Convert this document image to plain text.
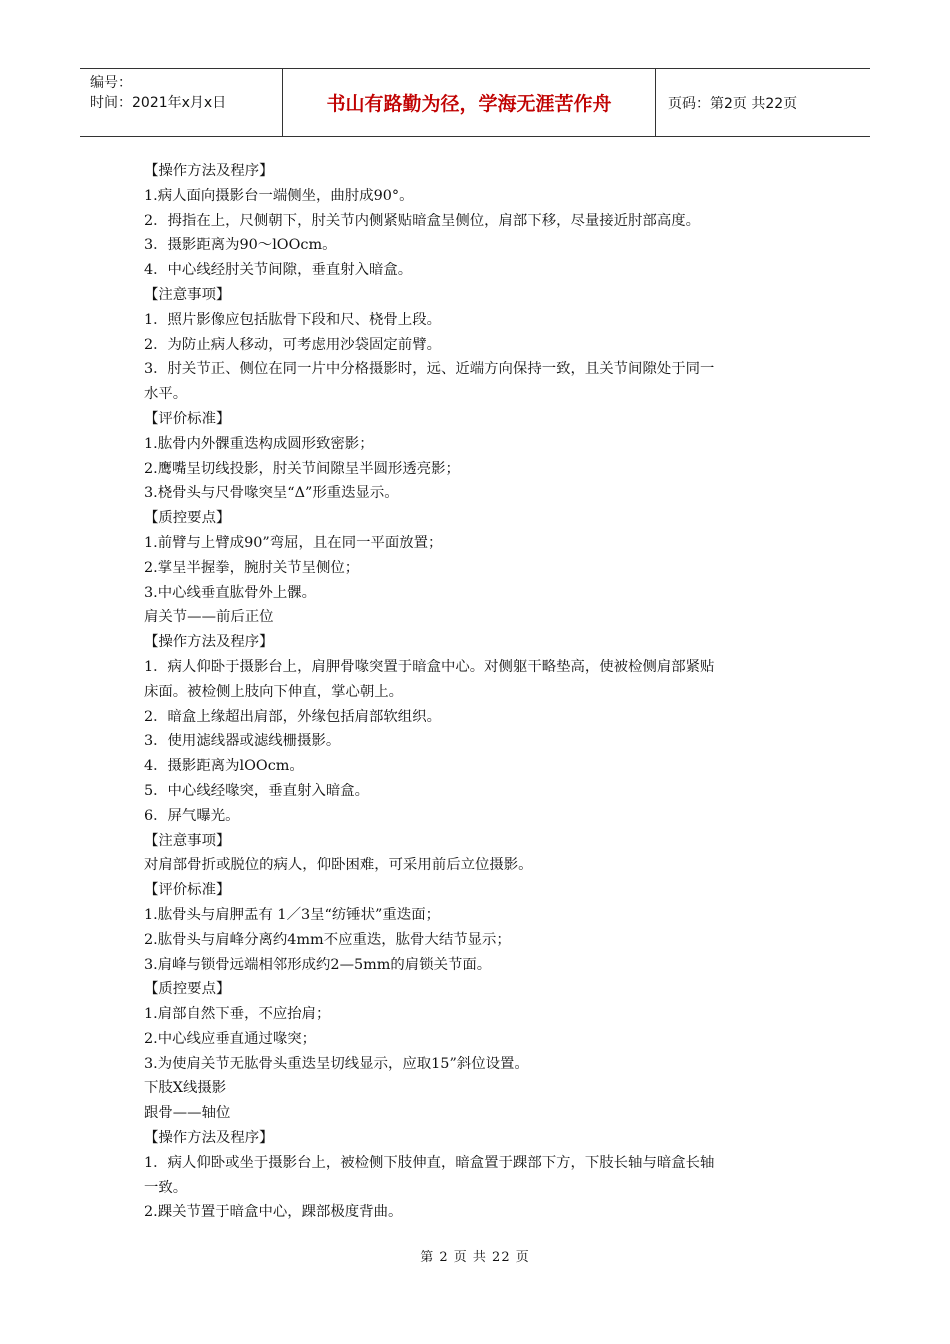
编号：
时间：2021年x月x日	书山有路勤为径，学海无涯苦作舟	页码：第2页 共22页

【操作方法及程序】

1.病人面向摄影台一端侧坐，曲肘成90°。

2．拇指在上，尺侧朝下，肘关节内侧紧贴暗盒呈侧位，肩部下移，尽量接近肘部高度。

3．摄影距离为90～lOOcm。

4．中心线经肘关节间隙，垂直射入暗盒。

【注意事项】

1．照片影像应包括肱骨下段和尺、桡骨上段。

2．为防止病人移动，可考虑用沙袋固定前臂。

3．肘关节正、侧位在同一片中分格摄影时，远、近端方向保持一致，且关节间隙处于同一

水平。

【评价标准】

1.肱骨内外髁重迭构成圆形致密影；

2.鹰嘴呈切线投影，肘关节间隙呈半圆形透亮影；

3.桡骨头与尺骨喙突呈“Δ”形重迭显示。

【质控要点】

1.前臂与上臂成90”弯屈，且在同一平面放置；

2.掌呈半握拳，腕肘关节呈侧位；

3.中心线垂直肱骨外上髁。

肩关节——前后正位

【操作方法及程序】

1．病人仰卧于摄影台上，肩胛骨喙突置于暗盒中心。对侧躯干略垫高，使被检侧肩部紧贴

床面。被检侧上肢向下伸直，掌心朝上。

2．暗盒上缘超出肩部，外缘包括肩部软组织。

3．使用滤线器或滤线栅摄影。

4．摄影距离为lOOcm。

5．中心线经喙突，垂直射入暗盒。

6．屏气曝光。

【注意事项】

对肩部骨折或脱位的病人，仰卧困难，可采用前后立位摄影。

【评价标准】

1.肱骨头与肩胛盂有 1／3呈“纺锤状”重迭面；

2.肱骨头与肩峰分离约4mm不应重迭，肱骨大结节显示；

3.肩峰与锁骨远端相邻形成约2—5mm的肩锁关节面。

【质控要点】

1.肩部自然下垂，不应抬肩；

2.中心线应垂直通过喙突；

3.为使肩关节无肱骨头重迭呈切线显示，应取15”斜位设置。

下肢X线摄影

跟骨——轴位

【操作方法及程序】

1．病人仰卧或坐于摄影台上，被检侧下肢伸直，暗盒置于踝部下方，下肢长轴与暗盒长轴

一致。

2.踝关节置于暗盒中心，踝部极度背曲。

第 2 页 共 22 页
